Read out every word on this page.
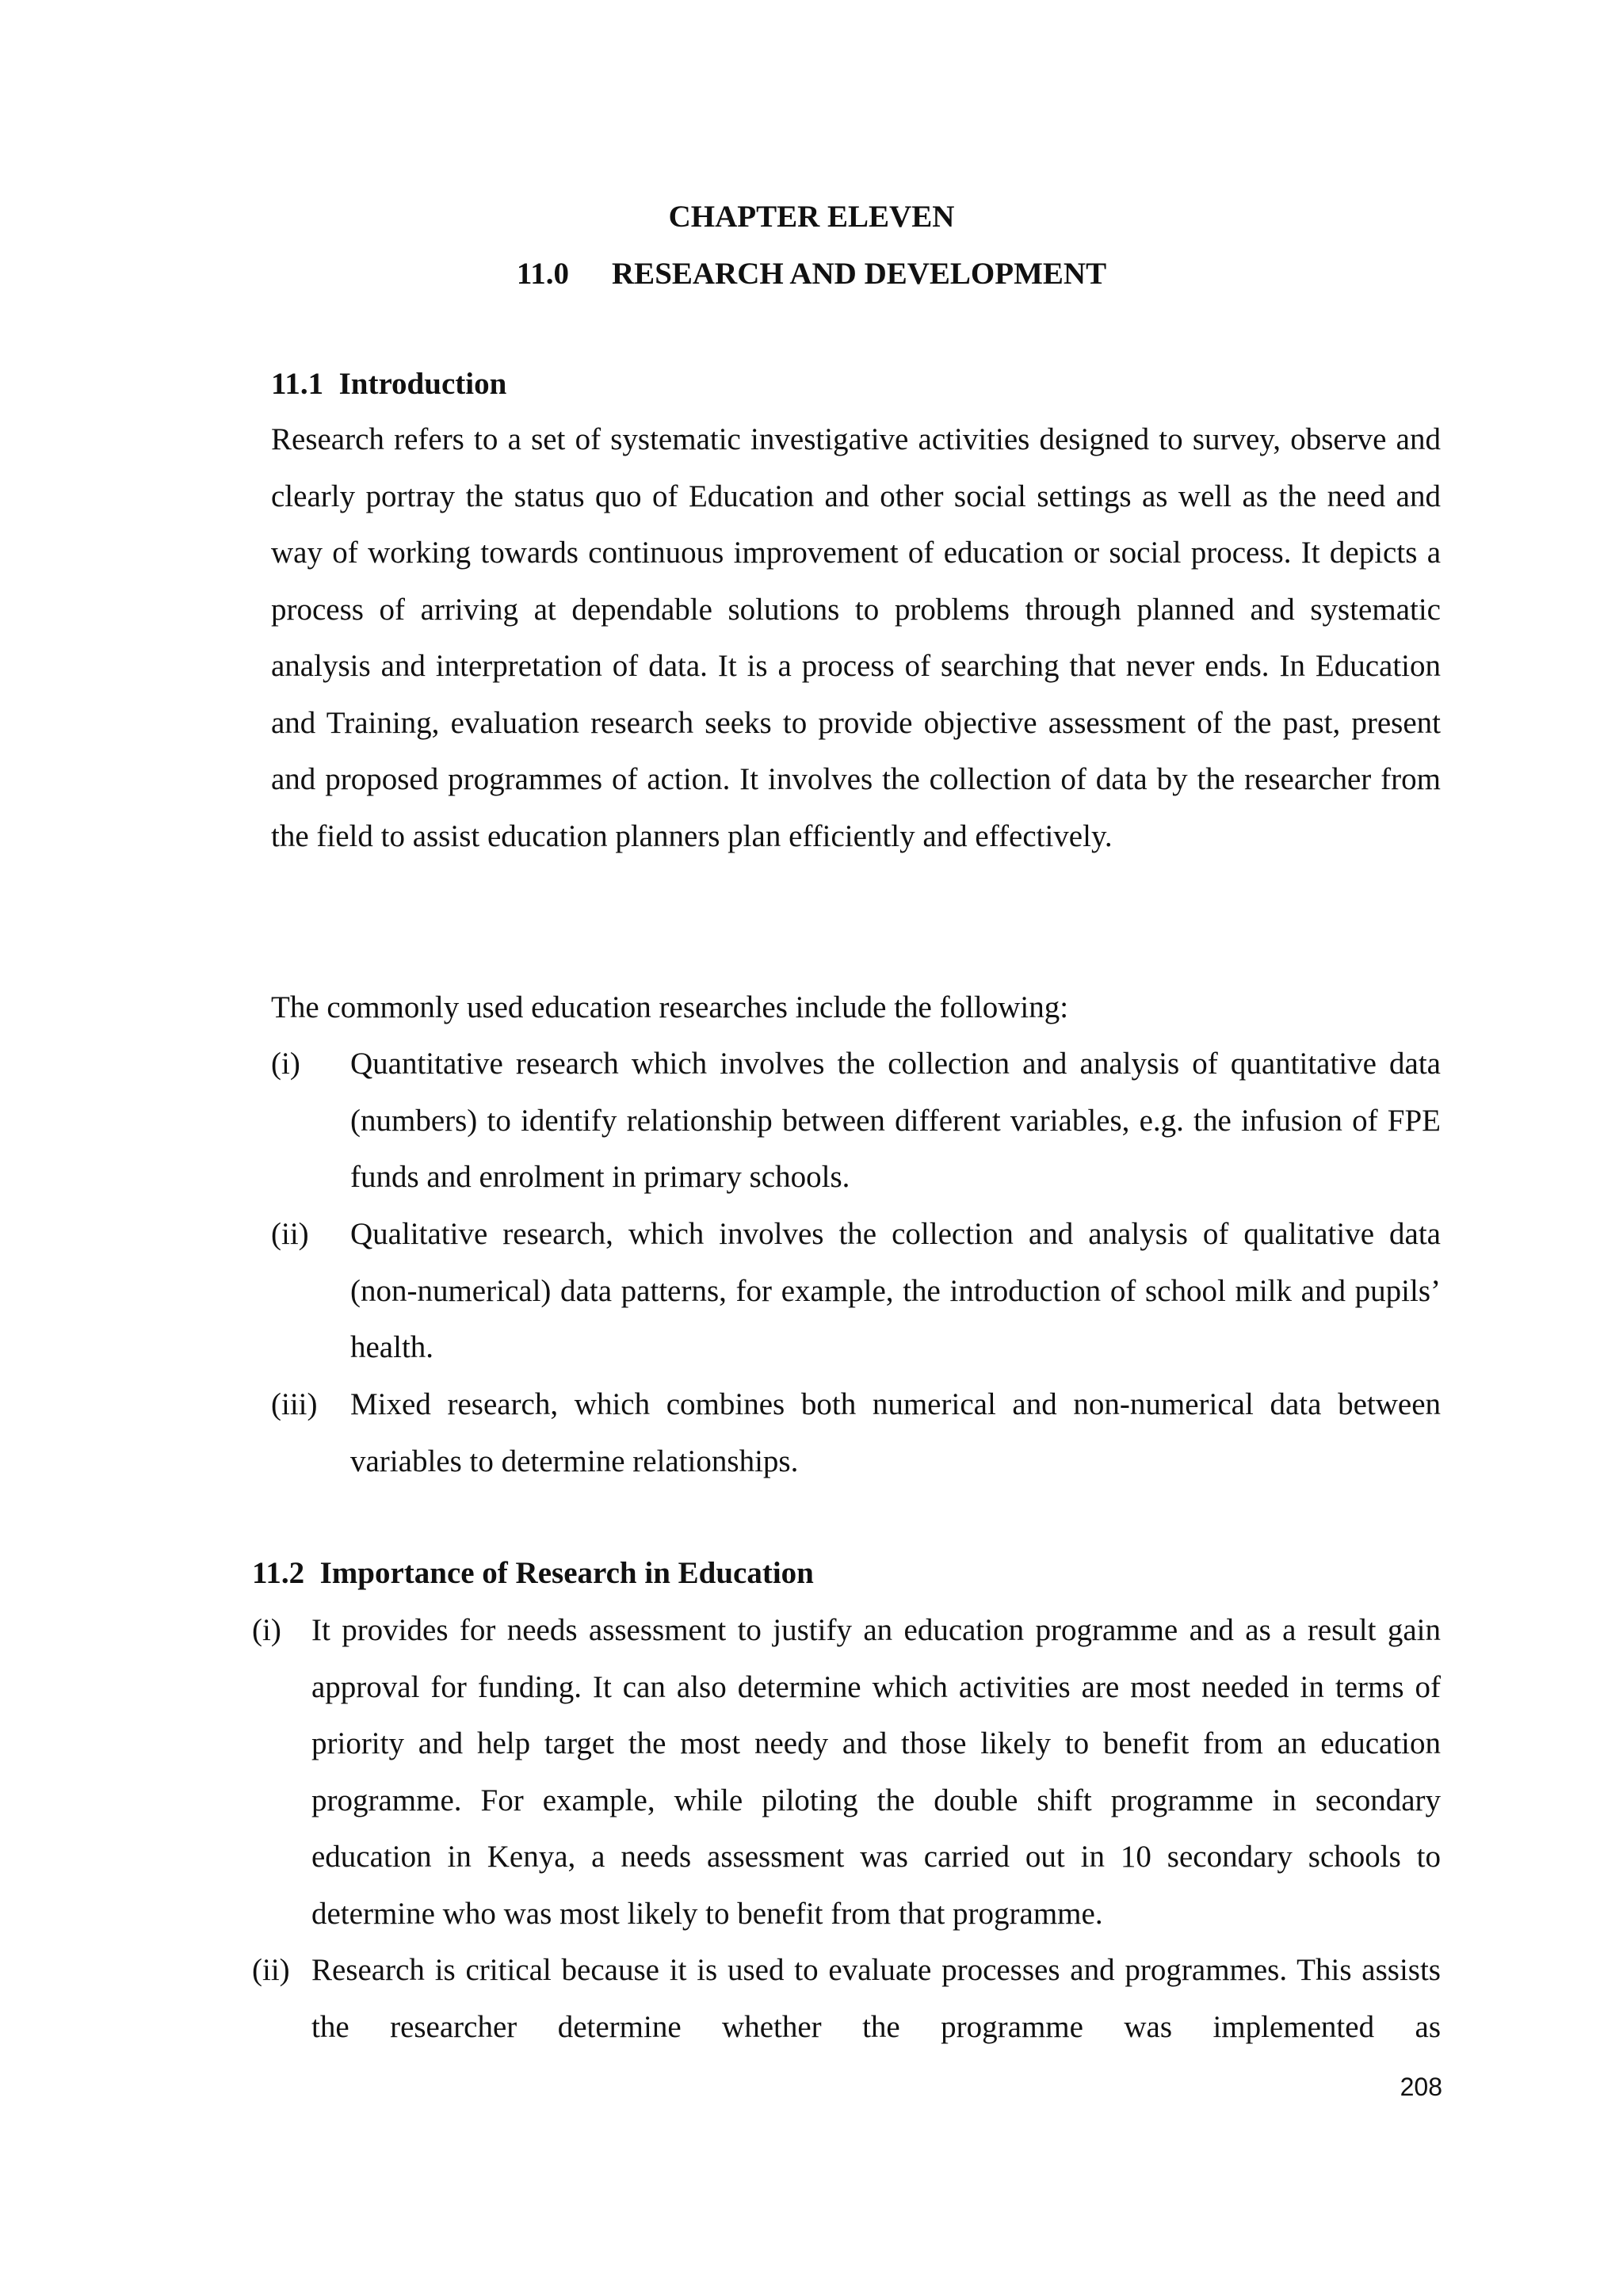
CHAPTER ELEVEN
11.0 RESEARCH AND DEVELOPMENT
11.1  Introduction

Research refers to a set of systematic investigative activities designed to survey, observe and clearly portray the status quo of Education and other social settings as well as the need and way of working towards continuous improvement of education or social process. It depicts a process of arriving at dependable solutions to problems through planned and systematic analysis and interpretation of data. It is a process of searching that never ends. In Education and Training, evaluation research seeks to provide objective assessment of the past, present and proposed programmes of action. It involves the collection of data by the researcher from the field to assist education planners plan efficiently and effectively.

The commonly used education researches include the following:

(i) Quantitative research which involves the collection and analysis of quantitative data (numbers) to identify relationship between different variables, e.g. the infusion of FPE funds and enrolment in primary schools.

(ii) Qualitative research, which involves the collection and analysis of qualitative data (non-numerical) data patterns, for example, the introduction of school milk and pupils’ health.

(iii) Mixed research, which combines both numerical and non-numerical data between variables to determine relationships.

11.2  Importance of Research in Education
(i) It provides for needs assessment to justify an education programme and as a result gain approval for funding. It can also determine which activities are most needed in terms of priority and help target the most needy and those likely to benefit from an education programme. For example, while piloting the double shift programme in secondary education in Kenya, a needs assessment was carried out in 10 secondary schools to determine who was most likely to benefit from that programme.

(ii) Research is critical because it is used to evaluate processes and programmes. This assists the researcher determine whether the programme was implemented as

208
